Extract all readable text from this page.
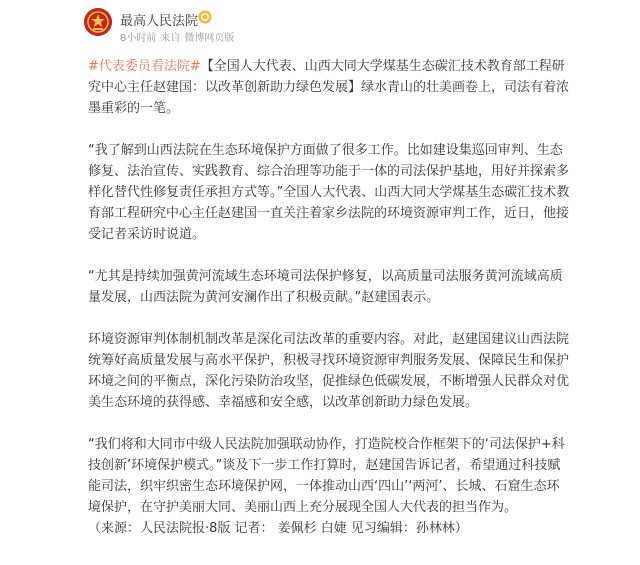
最高人民法院
8小时前 来自 微博网页版

#代表委员看法院#【全国人大代表、山西大同大学煤基生态碳汇技术教育部工程研究中心主任赵建国：以改革创新助力绿色发展】绿水青山的壮美画卷上，司法有着浓墨重彩的一笔。

“我了解到山西法院在生态环境保护方面做了很多工作。比如建设集巡回审判、生态修复、法治宣传、实践教育、综合治理等功能于一体的司法保护基地，用好并探索多样化替代性修复责任承担方式等。”全国人大代表、山西大同大学煤基生态碳汇技术教育部工程研究中心主任赵建国一直关注着家乡法院的环境资源审判工作，近日，他接受记者采访时说道。

“尤其是持续加强黄河流域生态环境司法保护修复，以高质量司法服务黄河流域高质量发展，山西法院为黄河安澜作出了积极贡献。”赵建国表示。

环境资源审判体制机制改革是深化司法改革的重要内容。对此，赵建国建议山西法院统筹好高质量发展与高水平保护，积极寻找环境资源审判服务发展、保障民生和保护环境之间的平衡点，深化污染防治攻坚，促推绿色低碳发展，不断增强人民群众对优美生态环境的获得感、幸福感和安全感，以改革创新助力绿色发展。

“我们将和大同市中级人民法院加强联动协作，打造院校合作框架下的‘司法保护+科技创新’环境保护模式。”谈及下一步工作打算时，赵建国告诉记者，希望通过科技赋能司法，织牢织密生态环境保护网，一体推动山西‘四山’‘两河’、长城、石窟生态环境保护，在守护美丽大同、美丽山西上充分展现全国人大代表的担当作为。

（来源：人民法院报·8版 记者： 姜佩杉 白婕 见习编辑：孙林林）
